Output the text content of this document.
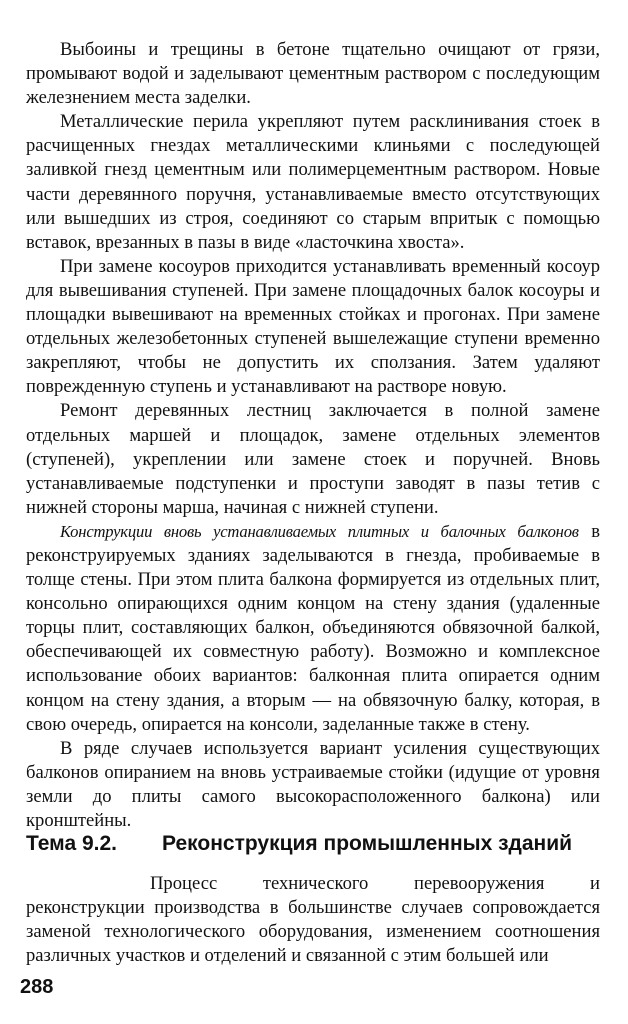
Выбоины и трещины в бетоне тщательно очищают от грязи, промывают водой и заделывают цементным раствором с последующим железнением места заделки.

Металлические перила укрепляют путем расклинивания стоек в расчищенных гнездах металлическими клиньями с последующей заливкой гнезд цементным или полимерцементным раствором. Новые части деревянного поручня, устанавливаемые вместо отсутствующих или вышедших из строя, соединяют со старым впритык с помощью вставок, врезанных в пазы в виде «ласточкина хвоста».

При замене косоуров приходится устанавливать временный косоур для вывешивания ступеней. При замене площадочных балок косоуры и площадки вывешивают на временных стойках и прогонах. При замене отдельных железобетонных ступеней вышележащие ступени временно закрепляют, чтобы не допустить их сползания. Затем удаляют поврежденную ступень и устанавливают на растворе новую.

Ремонт деревянных лестниц заключается в полной замене отдельных маршей и площадок, замене отдельных элементов (ступеней), укреплении или замене стоек и поручней. Вновь устанавливаемые подступенки и проступи заводят в пазы тетив с нижней стороны марша, начиная с нижней ступени.

Конструкции вновь устанавливаемых плитных и балочных балконов в реконструируемых зданиях заделываются в гнезда, пробиваемые в толще стены. При этом плита балкона формируется из отдельных плит, консольно опирающихся одним концом на стену здания (удаленные торцы плит, составляющих балкон, объединяются обвязочной балкой, обеспечивающей их совместную работу). Возможно и комплексное использование обоих вариантов: балконная плита опирается одним концом на стену здания, а вторым — на обвязочную балку, которая, в свою очередь, опирается на консоли, заделанные также в стену.

В ряде случаев используется вариант усиления существующих балконов опиранием на вновь устраиваемые стойки (идущие от уровня земли до плиты самого высокорасположенного балкона) или кронштейны.

Тема 9.2. Реконструкция промышленных зданий

Процесс технического перевооружения и реконструкции производства в большинстве случаев сопровождается заменой технологического оборудования, изменением соотношения различных участков и отделений и связанной с этим большей или

288
